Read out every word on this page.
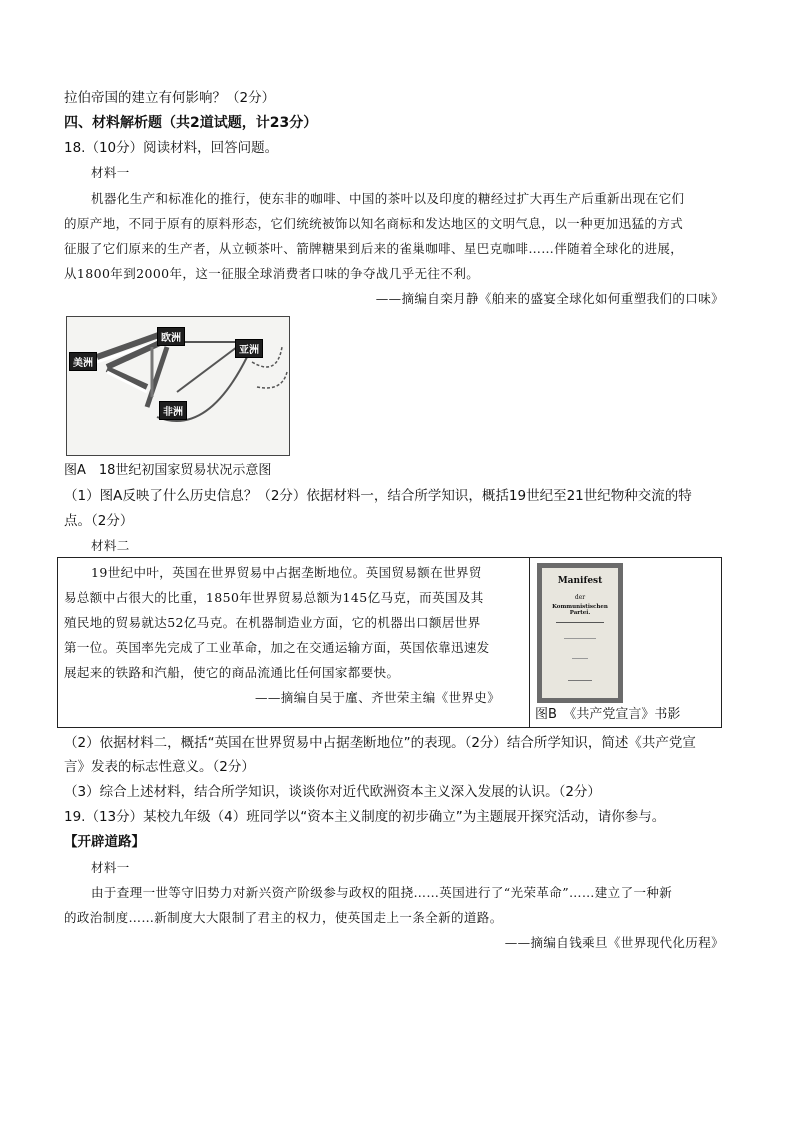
拉伯帝国的建立有何影响？（2分）
四、材料解析题（共2道试题，计23分）
18.（10分）阅读材料，回答问题。
材料一
机器化生产和标准化的推行，使东非的咖啡、中国的茶叶以及印度的糖经过扩大再生产后重新出现在它们
的原产地，不同于原有的原料形态，它们统统被饰以知名商标和发达地区的文明气息，以一种更加迅猛的方式
征服了它们原来的生产者，从立顿茶叶、箭牌糖果到后来的雀巢咖啡、星巴克咖啡……伴随着全球化的进展，
从1800年到2000年，这一征服全球消费者口味的争夺战几乎无往不利。
——摘编自栾月静《舶来的盛宴全球化如何重塑我们的口味》
美洲
欧洲
亚洲
非洲
图A　18世纪初国家贸易状况示意图
（1）图A反映了什么历史信息？（2分）依据材料一，结合所学知识，概括19世纪至21世纪物种交流的特
点。（2分）
材料二
19世纪中叶，英国在世界贸易中占据垄断地位。英国贸易额在世界贸
易总额中占很大的比重，1850年世界贸易总额为145亿马克，而英国及其
殖民地的贸易就达52亿马克。在机器制造业方面，它的机器出口额居世界
第一位。英国率先完成了工业革命，加之在交通运输方面，英国依靠迅速发
展起来的铁路和汽船，使它的商品流通比任何国家都要快。
——摘编自吴于廑、齐世荣主编《世界史》
Manifest
der
Kommunistischen Partei.
图B　《共产党宣言》书影
（2）依据材料二，概括“英国在世界贸易中占据垄断地位”的表现。（2分）结合所学知识，简述《共产党宣
言》发表的标志性意义。（2分）
（3）综合上述材料，结合所学知识，谈谈你对近代欧洲资本主义深入发展的认识。（2分）
19.（13分）某校九年级（4）班同学以“资本主义制度的初步确立”为主题展开探究活动，请你参与。
【开辟道路】
材料一
由于查理一世等守旧势力对新兴资产阶级参与政权的阻挠……英国进行了“光荣革命”……建立了一种新
的政治制度……新制度大大限制了君主的权力，使英国走上一条全新的道路。
——摘编自钱乘旦《世界现代化历程》
